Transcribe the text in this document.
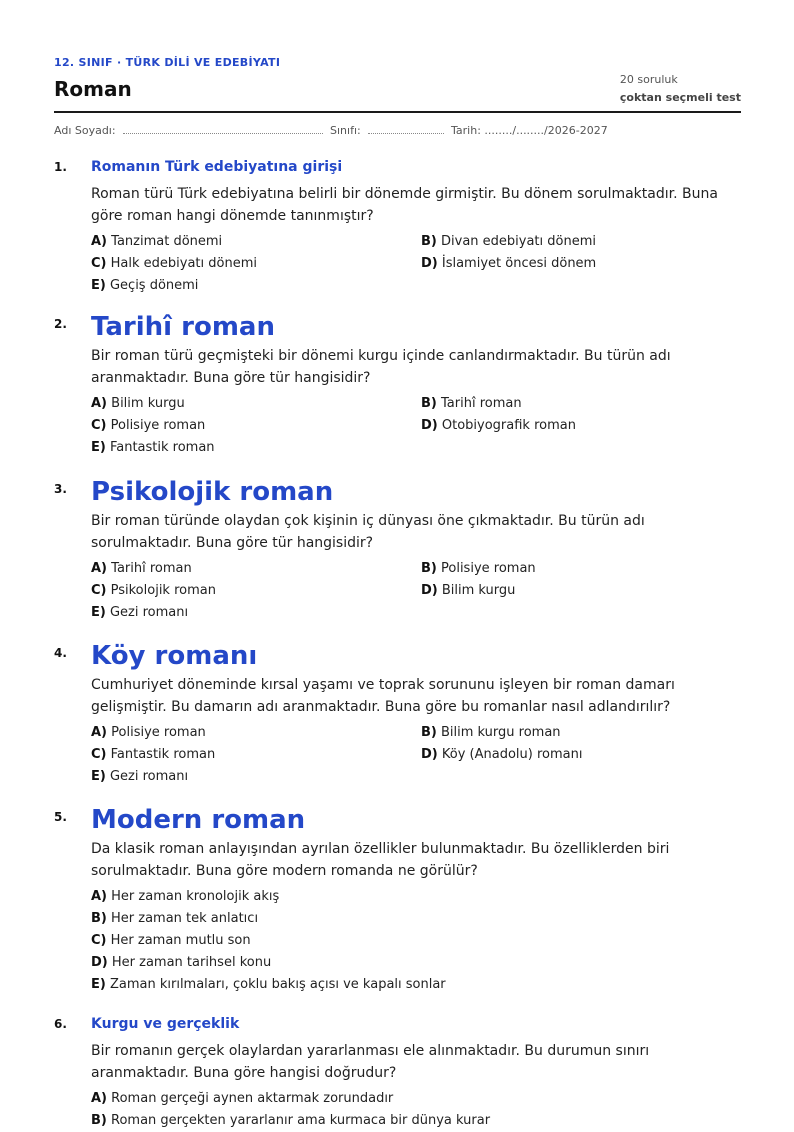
12. SINIF · TÜRK DİLİ VE EDEBİYATI
Roman	20 soruluk
çoktan seçmeli test
Adı Soyadı:	Sınıfı:	Tarih: ......../......../2026-2027
1. Romanın Türk edebiyatına girişi
Roman türü Türk edebiyatına belirli bir dönemde girmiştir. Bu dönem sorulmaktadır. Buna göre roman hangi dönemde tanınmıştır?
A) Tanzimat dönemi	B) Divan edebiyatı dönemi
C) Halk edebiyatı dönemi	D) İslamiyet öncesi dönem
E) Geçiş dönemi
2. Tarihî roman
Bir roman türü geçmişteki bir dönemi kurgu içinde canlandırmaktadır. Bu türün adı aranmaktadır. Buna göre tür hangisidir?
A) Bilim kurgu	B) Tarihî roman
C) Polisiye roman	D) Otobiyografik roman
E) Fantastik roman
3. Psikolojik roman
Bir roman türünde olaydan çok kişinin iç dünyası öne çıkmaktadır. Bu türün adı sorulmaktadır. Buna göre tür hangisidir?
A) Tarihî roman	B) Polisiye roman
C) Psikolojik roman	D) Bilim kurgu
E) Gezi romanı
4. Köy romanı
Cumhuriyet döneminde kırsal yaşamı ve toprak sorununu işleyen bir roman damarı gelişmiştir. Bu damarın adı aranmaktadır. Buna göre bu romanlar nasıl adlandırılır?
A) Polisiye roman	B) Bilim kurgu roman
C) Fantastik roman	D) Köy (Anadolu) romanı
E) Gezi romanı
5. Modern roman
Da klasik roman anlayışından ayrılan özellikler bulunmaktadır. Bu özelliklerden biri sorulmaktadır. Buna göre modern romanda ne görülür?
A) Her zaman kronolojik akış
B) Her zaman tek anlatıcı
C) Her zaman mutlu son
D) Her zaman tarihsel konu
E) Zaman kırılmaları, çoklu bakış açısı ve kapalı sonlar
6. Kurgu ve gerçeklik
Bir romanın gerçek olaylardan yararlanması ele alınmaktadır. Bu durumun sınırı aranmaktadır. Buna göre hangisi doğrudur?
A) Roman gerçeği aynen aktarmak zorundadır
B) Roman gerçekten yararlanır ama kurmaca bir dünya kurar
